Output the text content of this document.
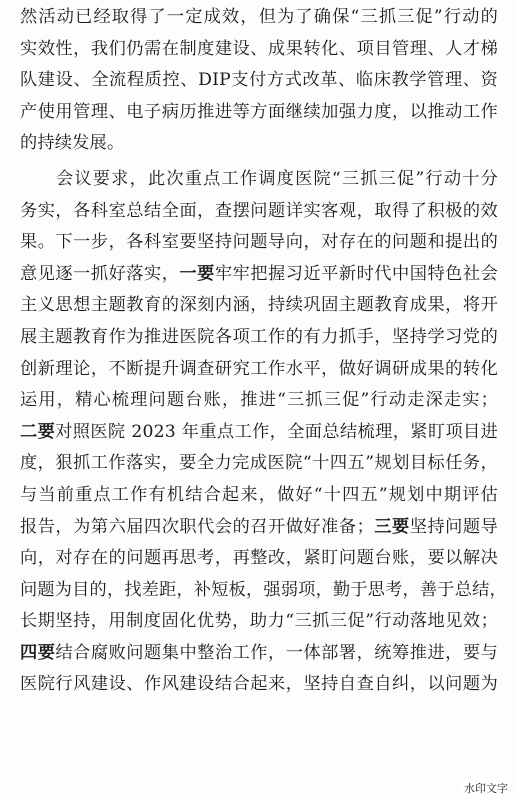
然活动已经取得了一定成效，但为了确保“三抓三促”行动的
实效性，我们仍需在制度建设、成果转化、项目管理、人才梯
队建设、全流程质控、DIP支付方式改革、临床教学管理、资
产使用管理、电子病历推进等方面继续加强力度，以推动工作
的持续发展。
会议要求，此次重点工作调度医院“三抓三促”行动十分
务实，各科室总结全面，查摆问题详实客观，取得了积极的效
果。下一步，各科室要坚持问题导向，对存在的问题和提出的
意见逐一抓好落实，一要牢牢把握习近平新时代中国特色社会
主义思想主题教育的深刻内涵，持续巩固主题教育成果，将开
展主题教育作为推进医院各项工作的有力抓手，坚持学习党的
创新理论，不断提升调查研究工作水平，做好调研成果的转化
运用，精心梳理问题台账，推进“三抓三促”行动走深走实；
二要对照医院 2023 年重点工作，全面总结梳理，紧盯项目进
度，狠抓工作落实，要全力完成医院“十四五”规划目标任务，
与当前重点工作有机结合起来，做好“十四五”规划中期评估
报告，为第六届四次职代会的召开做好准备；三要坚持问题导
向，对存在的问题再思考，再整改，紧盯问题台账，要以解决
问题为目的，找差距，补短板，强弱项，勤于思考，善于总结，
长期坚持，用制度固化优势，助力“三抓三促”行动落地见效；
四要结合腐败问题集中整治工作，一体部署，统筹推进，要与
医院行风建设、作风建设结合起来，坚持自查自纠，以问题为
水印文字
